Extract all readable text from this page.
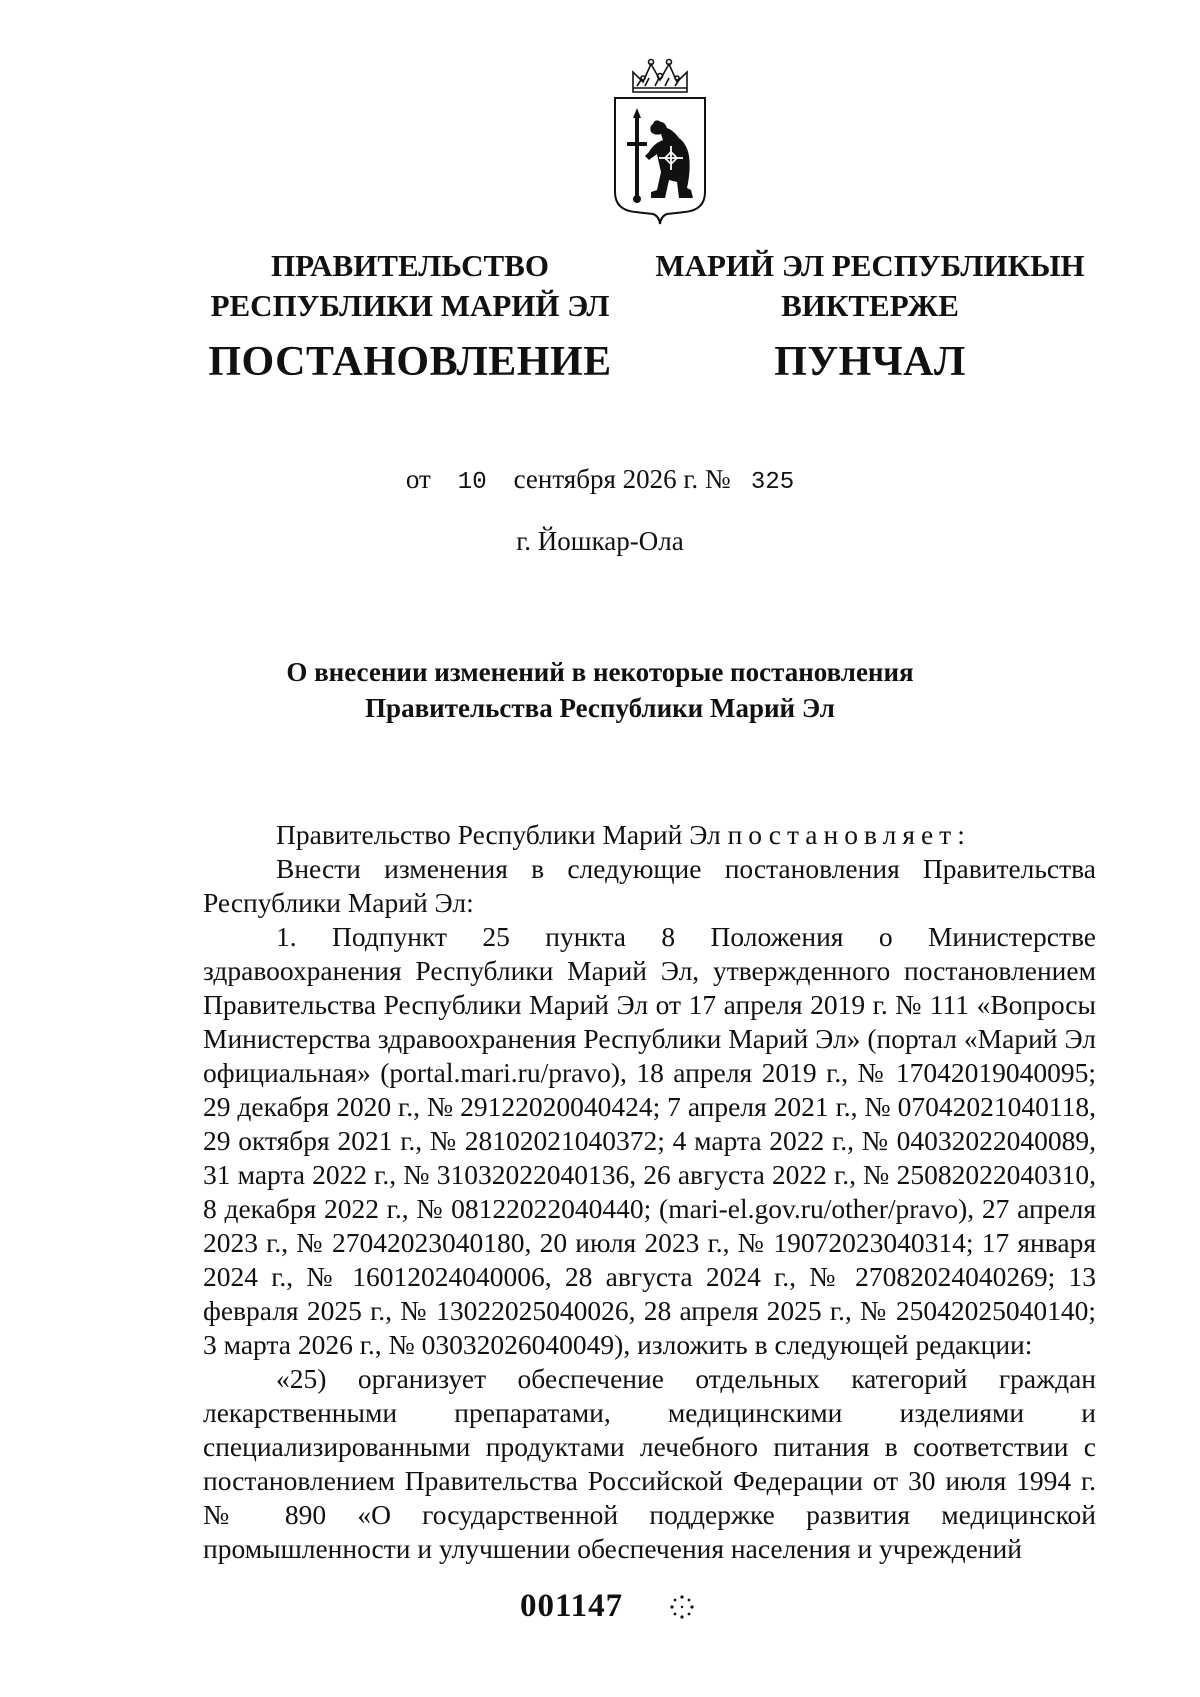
ПРАВИТЕЛЬСТВО
РЕСПУБЛИКИ МАРИЙ ЭЛ
ПОСТАНОВЛЕНИЕ
МАРИЙ ЭЛ РЕСПУБЛИКЫН
ВИКТЕРЖЕ
ПУНЧАЛ
от 10 сентября 2026 г. № 325
г. Йошкар-Ола
О внесении изменений в некоторые постановления
Правительства Республики Марий Эл

Правительство Республики Марий Эл постановляет:

Внести изменения в следующие постановления Правительства Республики Марий Эл:

1. Подпункт 25 пункта 8 Положения о Министерстве здравоохранения Республики Марий Эл, утвержденного постановлением Правительства Республики Марий Эл от 17 апреля 2019 г. № 111 «Вопросы Министерства здравоохранения Республики Марий Эл» (портал «Марий Эл официальная» (portal.mari.ru/pravo), 18 апреля 2019 г., № 17042019040095; 29 декабря 2020 г., № 29122020040424; 7 апреля 2021 г., № 07042021040118, 29 октября 2021 г., № 28102021040372; 4 марта 2022 г., № 04032022040089, 31 марта 2022 г., № 31032022040136, 26 августа 2022 г., № 25082022040310, 8 декабря 2022 г., № 08122022040440; (mari-el.gov.ru/other/pravo), 27 апреля 2023 г., № 27042023040180, 20 июля 2023 г., № 19072023040314; 17 января 2024 г., № 16012024040006, 28 августа 2024 г., № 27082024040269; 13 февраля 2025 г., № 13022025040026, 28 апреля 2025 г., № 25042025040140; 3 марта 2026 г., № 03032026040049), изложить в следующей редакции:

«25) организует обеспечение отдельных категорий граждан лекарственными препаратами, медицинскими изделиями и специализированными продуктами лечебного питания в соответствии с постановлением Правительства Российской Федерации от 30 июля 1994 г. № 890 «О государственной поддержке развития медицинской промышленности и улучшении обеспечения населения и учреждений

001147
